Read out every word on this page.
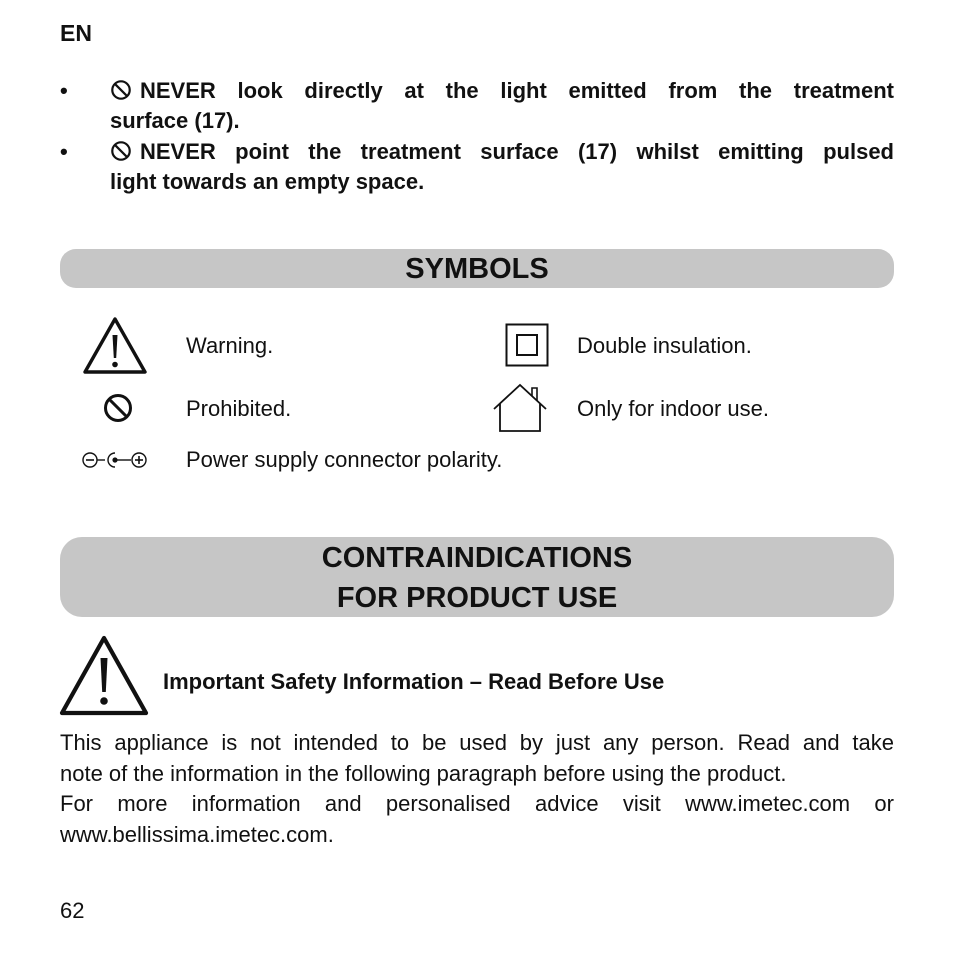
EN
•	NEVER look directly at the light emitted from the treatment
surface (17).
•	NEVER point the treatment surface (17) whilst emitting pulsed
light towards an empty space.
SYMBOLS
Warning.	Double insulation.
Prohibited.	Only for indoor use.
Power supply connector polarity.
CONTRAINDICATIONS
FOR PRODUCT USE
Important Safety Information – Read Before Use
This appliance is not intended to be used by just any person. Read and take
note of the information in the following paragraph before using the product.
For more information and personalised advice visit www.imetec.com or
www.bellissima.imetec.com.
62
